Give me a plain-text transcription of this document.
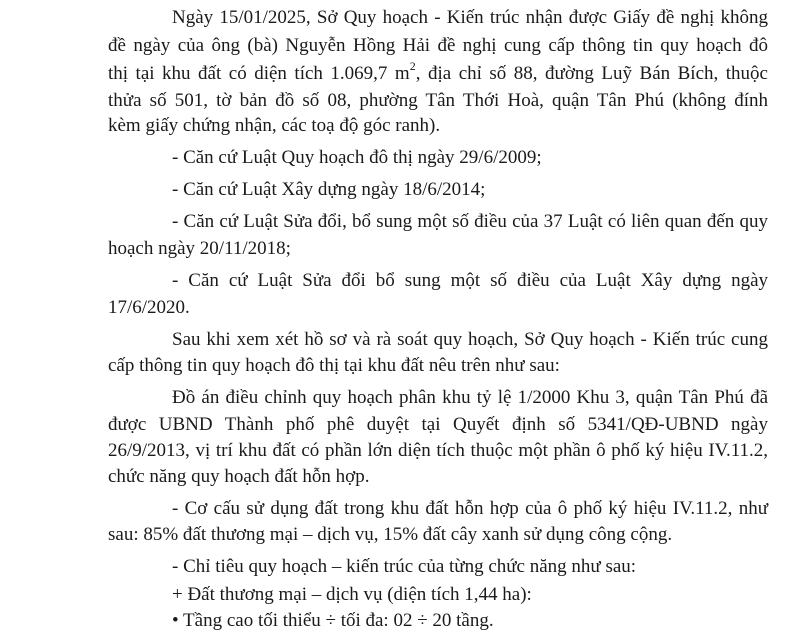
Ngày 15/01/2025, Sở Quy hoạch - Kiến trúc nhận được Giấy đề nghị không
đề ngày của ông (bà) Nguyễn Hồng Hải đề nghị cung cấp thông tin quy hoạch đô
thị tại khu đất có diện tích 1.069,7 $m^2$, địa chỉ số 88, đường Luỹ Bán Bích, thuộc
thửa số 501, tờ bản đồ số 08, phường Tân Thới Hoà, quận Tân Phú (không đính
kèm giấy chứng nhận, các toạ độ góc ranh).
- Căn cứ Luật Quy hoạch đô thị ngày 29/6/2009;
- Căn cứ Luật Xây dựng ngày 18/6/2014;
- Căn cứ Luật Sửa đổi, bổ sung một số điều của 37 Luật có liên quan đến quy
hoạch ngày 20/11/2018;
- Căn cứ Luật Sửa đổi bổ sung một số điều của Luật Xây dựng ngày
17/6/2020.
Sau khi xem xét hồ sơ và rà soát quy hoạch, Sở Quy hoạch - Kiến trúc cung
cấp thông tin quy hoạch đô thị tại khu đất nêu trên như sau:
Đồ án điều chỉnh quy hoạch phân khu tỷ lệ 1/2000 Khu 3, quận Tân Phú đã
được UBND Thành phố phê duyệt tại Quyết định số 5341/QĐ-UBND ngày
26/9/2013, vị trí khu đất có phần lớn diện tích thuộc một phần ô phố ký hiệu IV.11.2,
chức năng quy hoạch đất hỗn hợp.
- Cơ cấu sử dụng đất trong khu đất hỗn hợp của ô phố ký hiệu IV.11.2, như
sau: 85% đất thương mại – dịch vụ, 15% đất cây xanh sử dụng công cộng.
- Chỉ tiêu quy hoạch – kiến trúc của từng chức năng như sau:
+ Đất thương mại – dịch vụ (diện tích 1,44 ha):
• Tầng cao tối thiểu ÷ tối đa: 02 ÷ 20 tầng.
